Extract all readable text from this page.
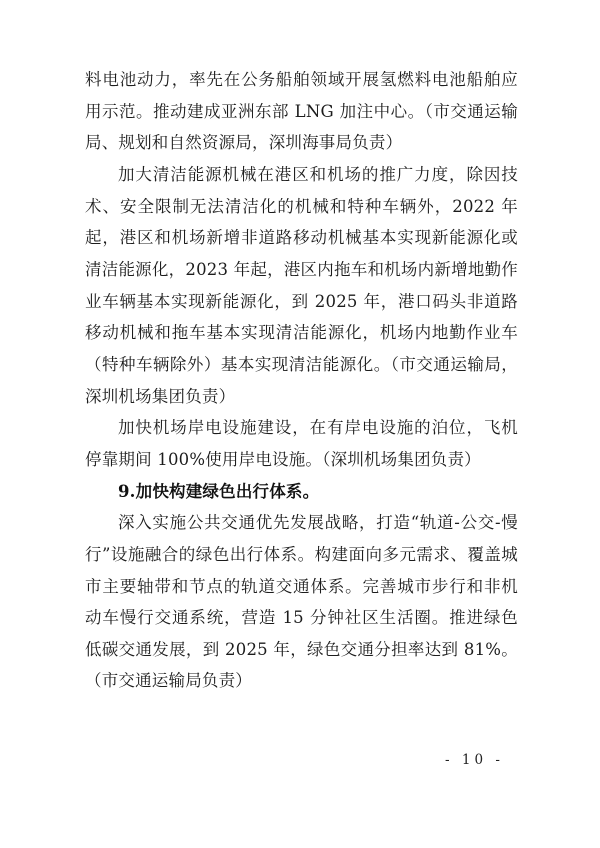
料电池动力，率先在公务船舶领域开展氢燃料电池船舶应用示范。推动建成亚洲东部 LNG 加注中心。（市交通运输局、规划和自然资源局，深圳海事局负责）

加大清洁能源机械在港区和机场的推广力度，除因技术、安全限制无法清洁化的机械和特种车辆外，2022 年起，港区和机场新增非道路移动机械基本实现新能源化或清洁能源化，2023 年起，港区内拖车和机场内新增地勤作业车辆基本实现新能源化，到 2025 年，港口码头非道路移动机械和拖车基本实现清洁能源化，机场内地勤作业车（特种车辆除外）基本实现清洁能源化。（市交通运输局，深圳机场集团负责）

加快机场岸电设施建设，在有岸电设施的泊位，飞机停靠期间 100%使用岸电设施。（深圳机场集团负责）

9.加快构建绿色出行体系。

深入实施公共交通优先发展战略，打造“轨道-公交-慢行”设施融合的绿色出行体系。构建面向多元需求、覆盖城市主要轴带和节点的轨道交通体系。完善城市步行和非机动车慢行交通系统，营造 15 分钟社区生活圈。推进绿色低碳交通发展，到 2025 年，绿色交通分担率达到 81%。（市交通运输局负责）

- 10 -
